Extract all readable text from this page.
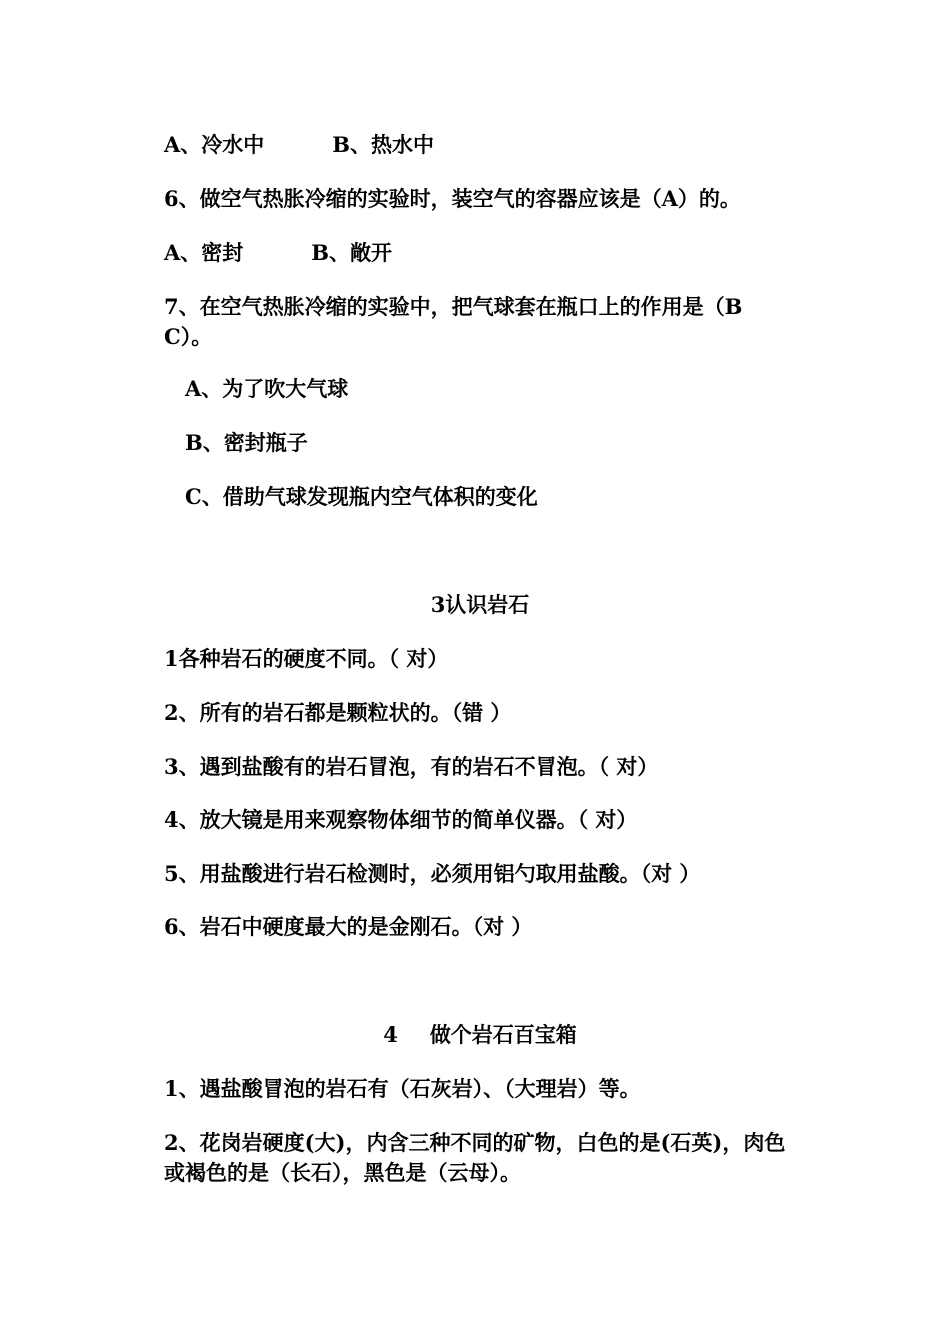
A、冷水中	B、热水中

6、做空气热胀冷缩的实验时，装空气的容器应该是（A）的。

A、密封	B、敞开

7、在空气热胀冷缩的实验中，把气球套在瓶口上的作用是（B

C）。

A、为了吹大气球

B、密封瓶子

C、借助气球发现瓶内空气体积的变化

3认识岩石

1各种岩石的硬度不同。（ 对）

2、所有的岩石都是颗粒状的。（错 ）

3、遇到盐酸有的岩石冒泡，有的岩石不冒泡。（ 对）

4、放大镜是用来观察物体细节的简单仪器。（ 对）

5、用盐酸进行岩石检测时，必须用铝勺取用盐酸。（对 ）

6、岩石中硬度最大的是金刚石。（对 ）

4 做个岩石百宝箱

1、遇盐酸冒泡的岩石有（石灰岩）、（大理岩）等。

2、花岗岩硬度(大)，内含三种不同的矿物，白色的是(石英)，肉色

或褐色的是（长石），黑色是（云母）。
